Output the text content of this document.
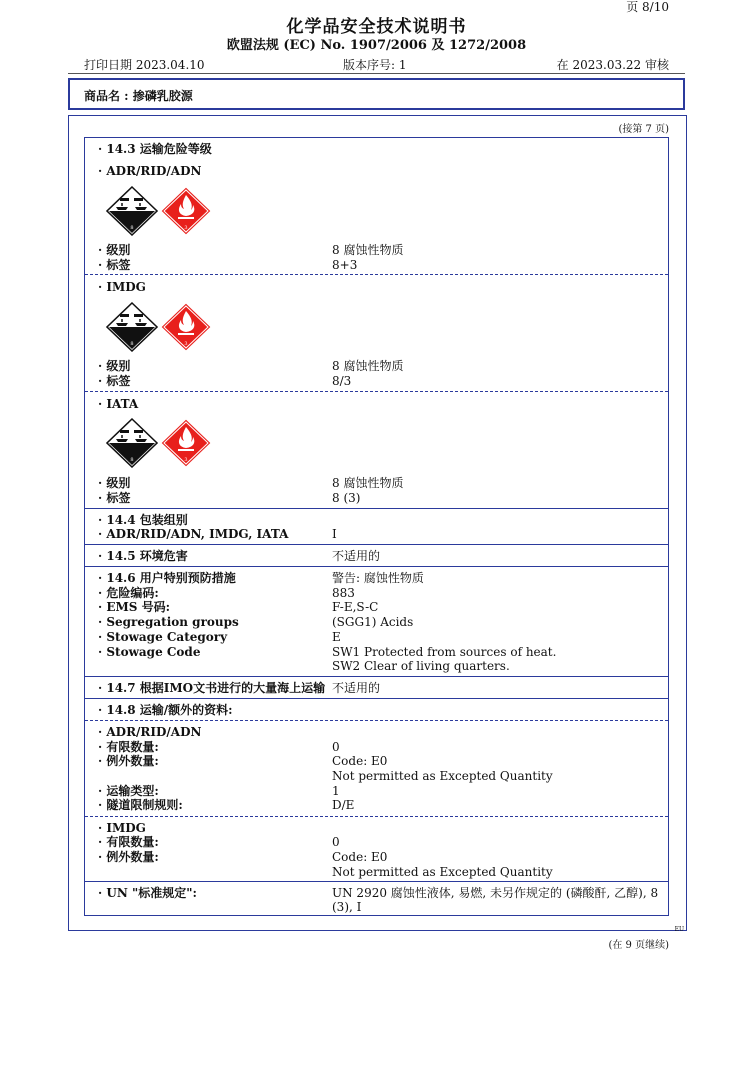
页 8/10
化学品安全技术说明书
欧盟法规 (EC) No. 1907/2006 及 1272/2008
打印日期 2023.04.10	版本序号: 1	在 2023.03.22 审核
商品名 : 掺磷乳胶源
(接第 7 页)
· 14.3 运输危险等级
· ADR/RID/ADN
8	3
· 级别	8 腐蚀性物质
· 标签	8+3
· IMDG
8	3
· 级别	8 腐蚀性物质
· 标签	8/3
· IATA
8	3
· 级别	8 腐蚀性物质
· 标签	8 (3)
· 14.4 包装组别
· ADR/RID/ADN, IMDG, IATA	I
· 14.5 环境危害	不适用的
· 14.6 用户特别预防措施	警告: 腐蚀性物质
· 危险编码:	883
· EMS 号码:	F-E,S-C
· Segregation groups	(SGG1) Acids
· Stowage Category	E
· Stowage Code	SW1 Protected from sources of heat.
SW2 Clear of living quarters.
· 14.7 根据IMO文书进行的大量海上运输 不适用的
· 14.8 运输/额外的资料:
· ADR/RID/ADN
· 有限数量:	0
· 例外数量:	Code: E0
Not permitted as Excepted Quantity
· 运输类型:	1
· 隧道限制规则:	D/E
· IMDG
· 有限数量:	0
· 例外数量:	Code: E0
Not permitted as Excepted Quantity
· UN "标准规定":	UN 2920 腐蚀性液体, 易燃, 未另作规定的 (磷酸酐, 乙醇), 8 (3), I
EU
(在 9 页继续)
